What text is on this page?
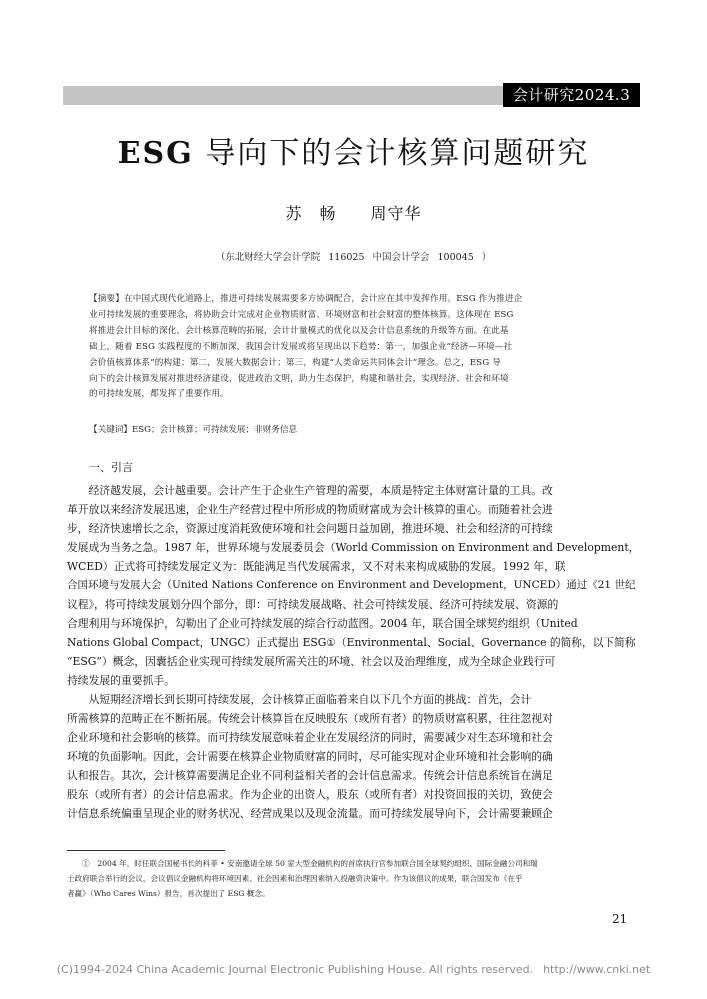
会计研究2024.3
ESG 导向下的会计核算问题研究
苏　畅 周守华
（东北财经大学会计学院 116025 中国会计学会 100045 ）
【摘要】在中国式现代化道路上，推进可持续发展需要多方协调配合，会计应在其中发挥作用。ESG 作为推进企
业可持续发展的重要理念，将协助会计完成对企业物质财富、环境财富和社会财富的整体核算。这体现在 ESG
将推进会计目标的深化，会计核算范畴的拓展，会计计量模式的优化以及会计信息系统的升级等方面。在此基
础上，随着 ESG 实践程度的不断加深，我国会计发展或将呈现出以下趋势：第一，加强企业“经济—环境—社
会价值核算体系”的构建；第二，发展大数据会计；第三，构建“人类命运共同体会计”理念。总之，ESG 导
向下的会计核算发展对推进经济建设，促进政治文明，助力生态保护，构建和谐社会，实现经济、社会和环境
的可持续发展，都发挥了重要作用。
【关键词】ESG；会计核算；可持续发展；非财务信息
一、引言
　　经济越发展，会计越重要。会计产生于企业生产管理的需要，本质是特定主体财富计量的工具。改
革开放以来经济发展迅速，企业生产经营过程中所形成的物质财富成为会计核算的重心。而随着社会进
步，经济快速增长之余，资源过度消耗致使环境和社会问题日益加剧，推进环境、社会和经济的可持续
发展成为当务之急。1987 年，世界环境与发展委员会（World Commission on Environment and Development，
WCED）正式将可持续发展定义为：既能满足当代发展需求，又不对未来构成威胁的发展。1992 年，联
合国环境与发展大会（United Nations Conference on Environment and Development，UNCED）通过《21 世纪
议程》，将可持续发展划分四个部分，即：可持续发展战略、社会可持续发展、经济可持续发展、资源的
合理利用与环境保护，勾勒出了企业可持续发展的综合行动蓝图。2004 年，联合国全球契约组织（United
Nations Global Compact，UNGC）正式提出 ESG①（Environmental、Social、Governance 的简称，以下简称
“ESG”）概念，因囊括企业实现可持续发展所需关注的环境、社会以及治理维度，成为全球企业践行可
持续发展的重要抓手。
　　从短期经济增长到长期可持续发展，会计核算正面临着来自以下几个方面的挑战：首先，会计
所需核算的范畴正在不断拓展。传统会计核算旨在反映股东（或所有者）的物质财富积累，往往忽视对
企业环境和社会影响的核算。而可持续发展意味着企业在发展经济的同时，需要减少对生态环境和社会
环境的负面影响。因此，会计需要在核算企业物质财富的同时，尽可能实现对企业环境和社会影响的确
认和报告。其次，会计核算需要满足企业不同利益相关者的会计信息需求。传统会计信息系统旨在满足
股东（或所有者）的会计信息需求。作为企业的出资人，股东（或所有者）对投资回报的关切，致使会
计信息系统偏重呈现企业的财务状况、经营成果以及现金流量。而可持续发展导向下，会计需要兼顾企
　　①　2004 年，时任联合国秘书长的科菲 • 安南邀请全球 50 家大型金融机构的首席执行官参加联合国全球契约组织、国际金融公司和瑞
士政府联合举行的会议，会议倡议金融机构将环境因素、社会因素和治理因素纳入投融资决策中。作为该倡议的成果，联合国发布《在乎
者赢》（Who Cares Wins）报告，首次提出了 ESG 概念。
21
(C)1994-2024 China Academic Journal Electronic Publishing House. All rights reserved. http://www.cnki.net
